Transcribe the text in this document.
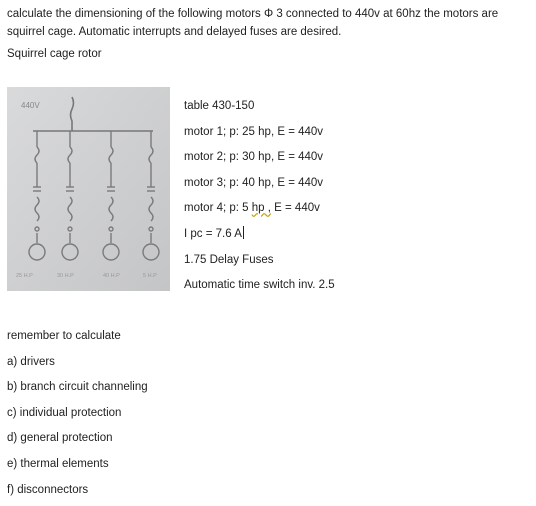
calculate the dimensioning of the following motors Φ 3 connected to 440v at 60hz the motors are
squirrel cage. Automatic interrupts and delayed fuses are desired.
Squirrel cage rotor
440V
25 H.P	30 H.P	40 H.P	5 H.P
table 430-150
motor 1; p: 25 hp, E = 440v
motor 2; p: 30 hp, E = 440v
motor 3; p: 40 hp, E = 440v
motor 4; p: 5 hp , E = 440v
I pc = 7.6 A
1.75 Delay Fuses
Automatic time switch inv. 2.5
remember to calculate
a) drivers
b) branch circuit channeling
c) individual protection
d) general protection
e) thermal elements
f) disconnectors
